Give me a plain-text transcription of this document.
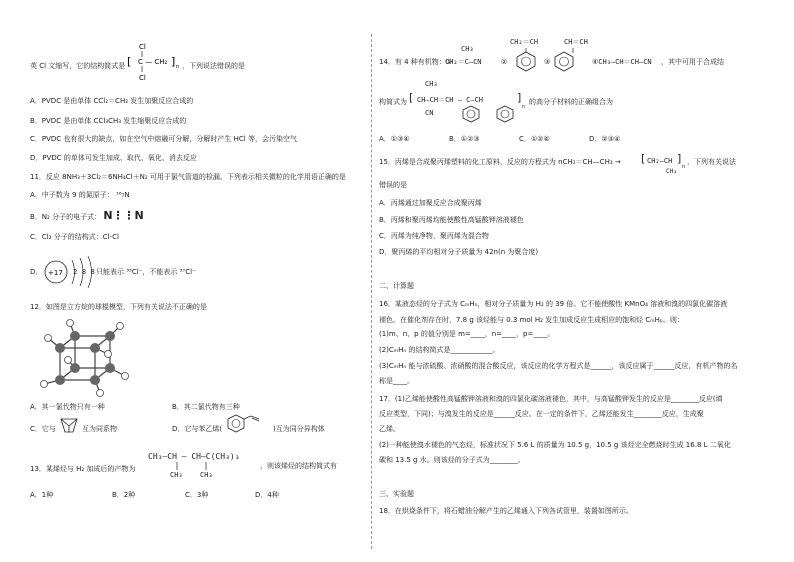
英 Cl 文缩写，它的结构简式是
Cl
[ C — CH₂ ] n
Cl
，下列说法错误的是
A．PVDC 是由单体 CCl₂＝CH₂ 发生加聚反应合成的
B．PVDC 是由单体 CCl₃CH₃ 发生缩聚反应合成的
C．PVDC 也有很大的缺点，如在空气中熔融可分解，分解时产生 HCl 等，会污染空气
D．PVDC 的单体可发生加成、取代、氧化、消去反应
11．反应 8NH₃＋3Cl₂＝6NH₄Cl＋N₂ 可用于氯气管道的检漏。下列表示相关微粒的化学用语正确的是
A．中子数为 9 的氮原子： ¹⁶₇N
B．N₂ 分子的电子式： N⋮⋮N
C．Cl₂ 分子的结构式：Cl-Cl
D． +17 2 8 8 只能表示 ³⁵Cl⁻，不能表示 ³⁷Cl⁻
12．如图是立方烷的球棍模型，下列有关说法不正确的是
A．其一氯代物只有一种	B．其二氯代物有三种
C．它与	互为同系物	D．它与苯乙烯(	)互为同分异构体
13．某烯烃与 H₂ 加成后的产物为
CH₃—CH — CH—C(CH₃)₃
CH₃ CH₃
，则该烯烃的结构简式有
A．1种	B．2种	C．3种	D．4种
14．有 4 种有机物：①
CH₃
CH₂＝C—CN	②
CH₂＝CH
③
CH＝CH
④CH₃—CH＝CH—CN ，其中可用于合成结
构简式为
CH₃
[ CH—CH＝CH — C—CH	]
n
CN
的高分子材料的正确组合为
A．①③④	B．①②③	C．①②④	D．②③④
15．丙烯是合成聚丙烯塑料的化工原料，反应的方程式为 nCH₂＝CH—CH₃ → [ CH₂—CH ]
n
CH₃
，下列有关说法
错误的是
A．丙烯通过加聚反应合成聚丙烯
B．丙烯和聚丙烯均能使酸性高锰酸钾溶液褪色
C．丙烯为纯净物，聚丙烯为混合物
D．聚丙烯的平均相对分子质量为 42n(n 为聚合度)
二、计算题
16．某液态烃的分子式为 CₘHₙ，相对分子质量为 H₂ 的 39 倍。它不能使酸性 KMnO₄ 溶液和溴的四氯化碳溶液
褪色。在催化剂存在时，7.8 g 该烃能与 0.3 mol H₂ 发生加成反应生成相应的饱和烃 CₘHₚ。则：
(1)m、n、p 的值分别是 m=____，n=____，p=____。
(2)CₘHₙ 的结构简式是____________。
(3)CₘHₙ 能与浓硫酸、浓硝酸的混合酸反应，该反应的化学方程式是______，该反应属于______反应，有机产物的名
称是____。
17．(1)乙烯能使酸性高锰酸钾溶液和溴的四氯化碳溶液褪色，其中，与高锰酸钾发生的反应是________反应(填
反应类型，下同)；与溴发生的反应是______反应。在一定的条件下，乙烯还能发生________反应，生成聚
乙烯。
(2)一种能使溴水褪色的气态烃，标准状况下 5.6 L 的质量为 10.5 g，10.5 g 该烃完全燃烧时生成 16.8 L 二氧化
碳和 13.5 g 水。则该烃的分子式为________。
三、实验题
18．在烘烧条件下，将石蜡油分解产生的乙烯通入下列各试管里，装置如图所示。
